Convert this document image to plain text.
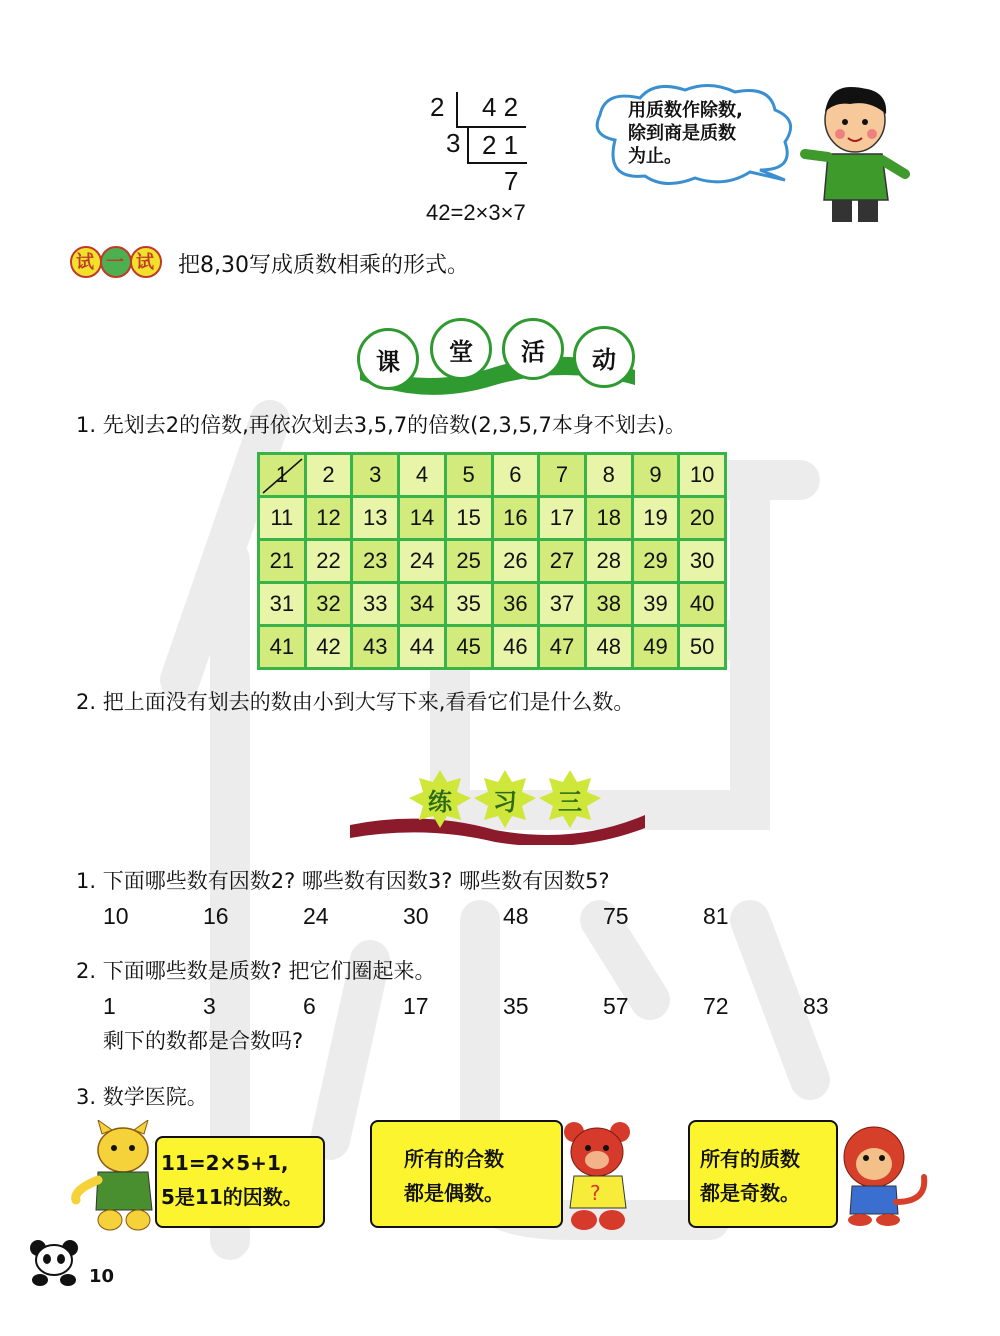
2 4 2
3 2 1
7
42=2×3×7
用质数作除数,
除到商是质数
为止。
试 一 试 把8,30写成质数相乘的形式。
课	堂	活	动
1. 先划去2的倍数,再依次划去3,5,7的倍数(2,3,5,7本身不划去)。
1	2	3	4	5	6	7	8	9	10
11	12	13	14	15	16	17	18	19	20
21	22	23	24	25	26	27	28	29	30
31	32	33	34	35	36	37	38	39	40
41	42	43	44	45	46	47	48	49	50
2. 把上面没有划去的数由小到大写下来,看看它们是什么数。
练	习	三
1. 下面哪些数有因数2? 哪些数有因数3? 哪些数有因数5?
10	16	24	30	48	75	81
2. 下面哪些数是质数? 把它们圈起来。
1	3	6	17	35	57	72	83
剩下的数都是合数吗?
3. 数学医院。
11=2×5+1,
5是11的因数。
所有的合数
都是偶数。	?
所有的质数
都是奇数。
10
